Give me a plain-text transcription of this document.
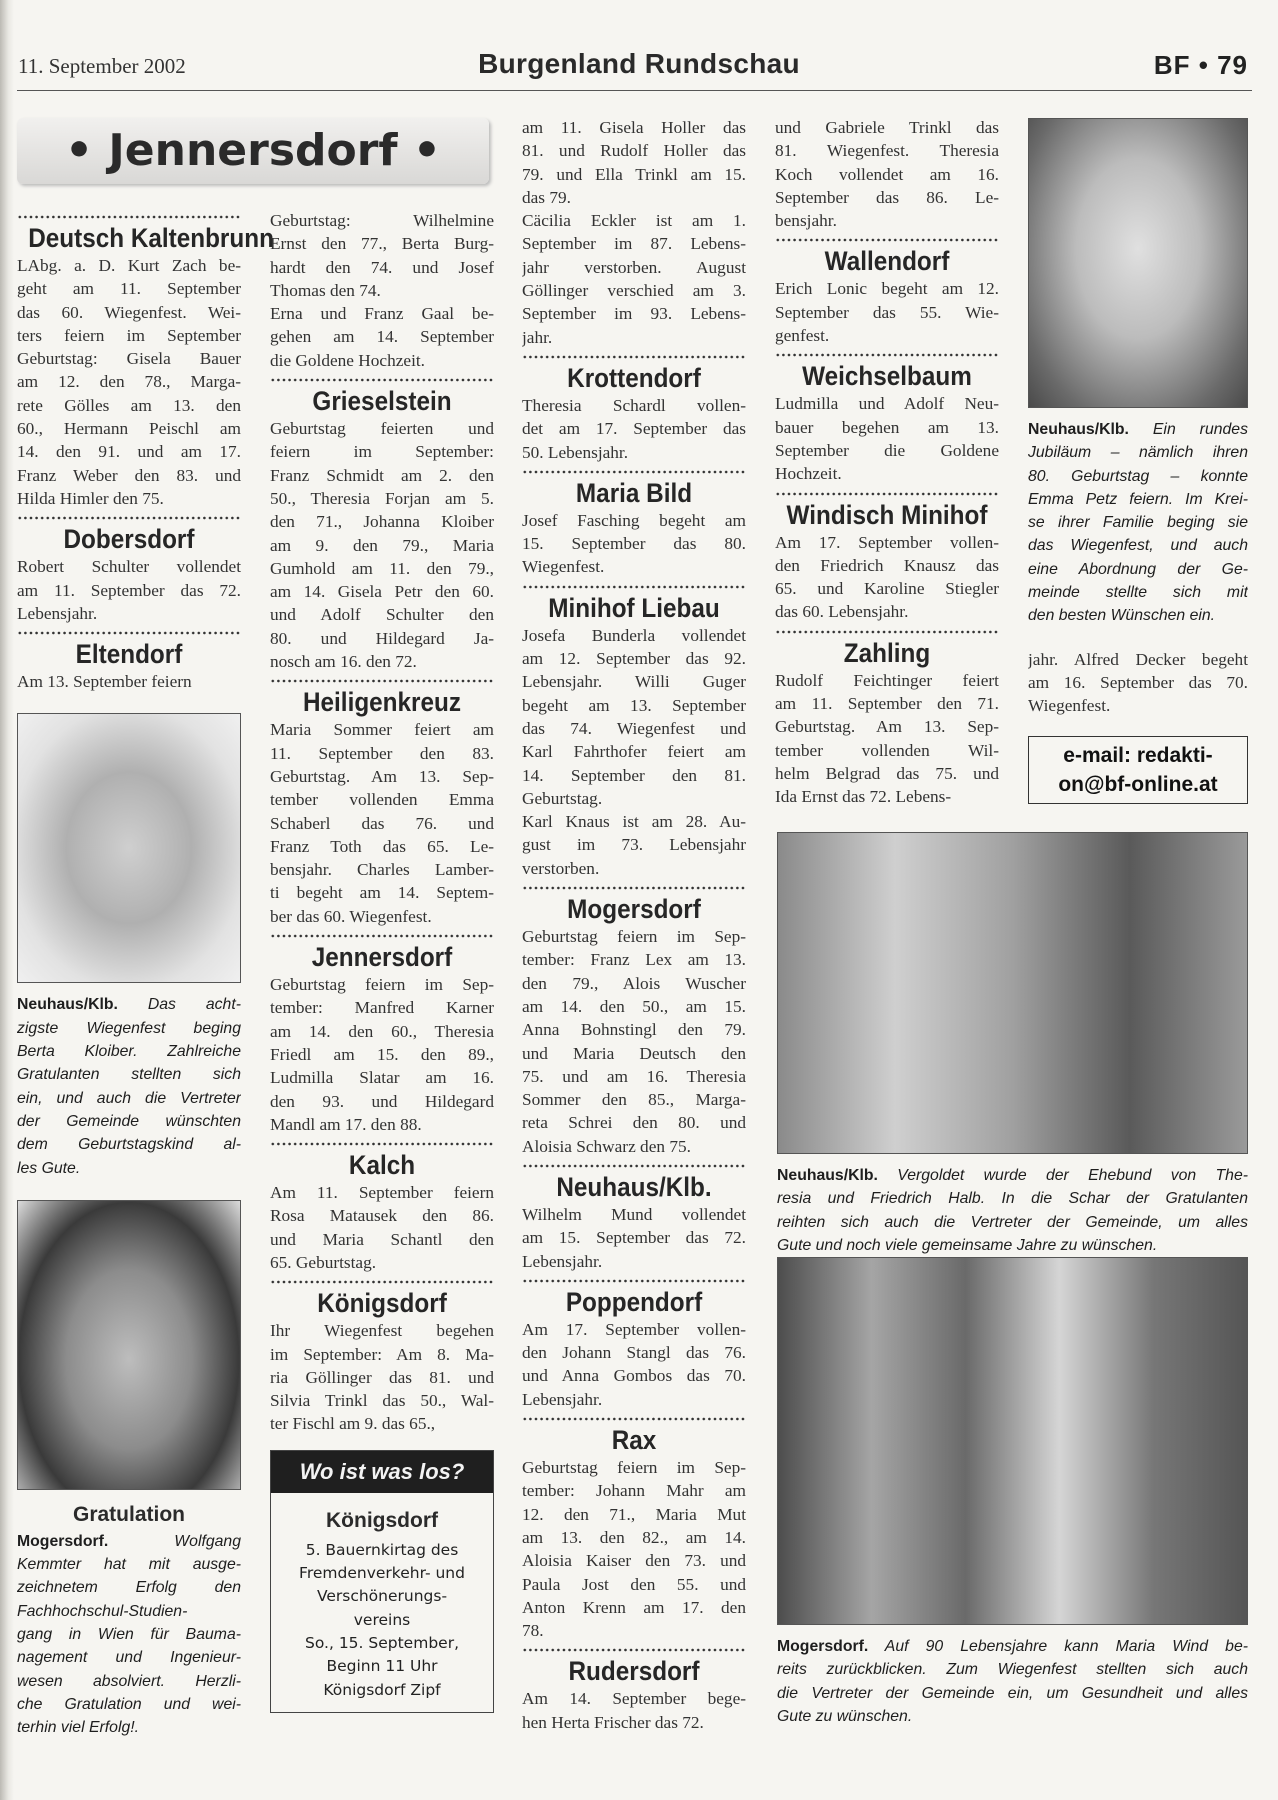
11. September 2002	Burgenland Rundschau	BF • 79
• Jennersdorf •
Deutsch Kaltenbrunn
LAbg. a. D. Kurt Zach be-
geht am 11. September
das 60. Wiegenfest. Wei-
ters feiern im September
Geburtstag: Gisela Bauer
am 12. den 78., Marga-
rete Gölles am 13. den
60., Hermann Peischl am
14. den 91. und am 17.
Franz Weber den 83. und
Hilda Himler den 75.
Dobersdorf
Robert Schulter vollendet
am 11. September das 72.
Lebensjahr.
Eltendorf
Am 13. September feiern
Neuhaus/Klb. Das acht-
zigste Wiegenfest beging
Berta Kloiber. Zahlreiche
Gratulanten stellten sich
ein, und auch die Vertreter
der Gemeinde wünschten
dem Geburtstagskind al-
les Gute.
Gratulation
Mogersdorf. Wolfgang
Kemmter hat mit ausge-
zeichnetem Erfolg den
Fachhochschul-Studien-
gang in Wien für Bauma-
nagement und Ingenieur-
wesen absolviert. Herzli-
che Gratulation und wei-
terhin viel Erfolg!.
Geburtstag: Wilhelmine
Ernst den 77., Berta Burg-
hardt den 74. und Josef
Thomas den 74.
Erna und Franz Gaal be-
gehen am 14. September
die Goldene Hochzeit.
Grieselstein
Geburtstag feierten und
feiern im September:
Franz Schmidt am 2. den
50., Theresia Forjan am 5.
den 71., Johanna Kloiber
am 9. den 79., Maria
Gumhold am 11. den 79.,
am 14. Gisela Petr den 60.
und Adolf Schulter den
80. und Hildegard Ja-
nosch am 16. den 72.
Heiligenkreuz
Maria Sommer feiert am
11. September den 83.
Geburtstag. Am 13. Sep-
tember vollenden Emma
Schaberl das 76. und
Franz Toth das 65. Le-
bensjahr. Charles Lamber-
ti begeht am 14. Septem-
ber das 60. Wiegenfest.
Jennersdorf
Geburtstag feiern im Sep-
tember: Manfred Karner
am 14. den 60., Theresia
Friedl am 15. den 89.,
Ludmilla Slatar am 16.
den 93. und Hildegard
Mandl am 17. den 88.
Kalch
Am 11. September feiern
Rosa Matausek den 86.
und Maria Schantl den
65. Geburtstag.
Königsdorf
Ihr Wiegenfest begehen
im September: Am 8. Ma-
ria Göllinger das 81. und
Silvia Trinkl das 50., Wal-
ter Fischl am 9. das 65.,
Wo ist was los?
Königsdorf
5. Bauernkirtag des
Fremdenverkehr- und
Verschönerungs-
vereins
So., 15. September,
Beginn 11 Uhr
Königsdorf Zipf
am 11. Gisela Holler das
81. und Rudolf Holler das
79. und Ella Trinkl am 15.
das 79.
Cäcilia Eckler ist am 1.
September im 87. Lebens-
jahr verstorben. August
Göllinger verschied am 3.
September im 93. Lebens-
jahr.
Krottendorf
Theresia Schardl vollen-
det am 17. September das
50. Lebensjahr.
Maria Bild
Josef Fasching begeht am
15. September das 80.
Wiegenfest.
Minihof Liebau
Josefa Bunderla vollendet
am 12. September das 92.
Lebensjahr. Willi Guger
begeht am 13. September
das 74. Wiegenfest und
Karl Fahrthofer feiert am
14. September den 81.
Geburtstag.
Karl Knaus ist am 28. Au-
gust im 73. Lebensjahr
verstorben.
Mogersdorf
Geburtstag feiern im Sep-
tember: Franz Lex am 13.
den 79., Alois Wuscher
am 14. den 50., am 15.
Anna Bohnstingl den 79.
und Maria Deutsch den
75. und am 16. Theresia
Sommer den 85., Marga-
reta Schrei den 80. und
Aloisia Schwarz den 75.
Neuhaus/Klb.
Wilhelm Mund vollendet
am 15. September das 72.
Lebensjahr.
Poppendorf
Am 17. September vollen-
den Johann Stangl das 76.
und Anna Gombos das 70.
Lebensjahr.
Rax
Geburtstag feiern im Sep-
tember: Johann Mahr am
12. den 71., Maria Mut
am 13. den 82., am 14.
Aloisia Kaiser den 73. und
Paula Jost den 55. und
Anton Krenn am 17. den
78.
Rudersdorf
Am 14. September bege-
hen Herta Frischer das 72.
und Gabriele Trinkl das
81. Wiegenfest. Theresia
Koch vollendet am 16.
September das 86. Le-
bensjahr.
Wallendorf
Erich Lonic begeht am 12.
September das 55. Wie-
genfest.
Weichselbaum
Ludmilla und Adolf Neu-
bauer begehen am 13.
September die Goldene
Hochzeit.
Windisch Minihof
Am 17. September vollen-
den Friedrich Knausz das
65. und Karoline Stiegler
das 60. Lebensjahr.
Zahling
Rudolf Feichtinger feiert
am 11. September den 71.
Geburtstag. Am 13. Sep-
tember vollenden Wil-
helm Belgrad das 75. und
Ida Ernst das 72. Lebens-
Neuhaus/Klb. Ein rundes
Jubiläum – nämlich ihren
80. Geburtstag – konnte
Emma Petz feiern. Im Krei-
se ihrer Familie beging sie
das Wiegenfest, und auch
eine Abordnung der Ge-
meinde stellte sich mit
den besten Wünschen ein.
jahr. Alfred Decker begeht
am 16. September das 70.
Wiegenfest.
e-mail: redakti-
on@bf-online.at
Neuhaus/Klb. Vergoldet wurde der Ehebund von The-
resia und Friedrich Halb. In die Schar der Gratulanten
reihten sich auch die Vertreter der Gemeinde, um alles
Gute und noch viele gemeinsame Jahre zu wünschen.
Mogersdorf. Auf 90 Lebensjahre kann Maria Wind be-
reits zurückblicken. Zum Wiegenfest stellten sich auch
die Vertreter der Gemeinde ein, um Gesundheit und alles
Gute zu wünschen.
